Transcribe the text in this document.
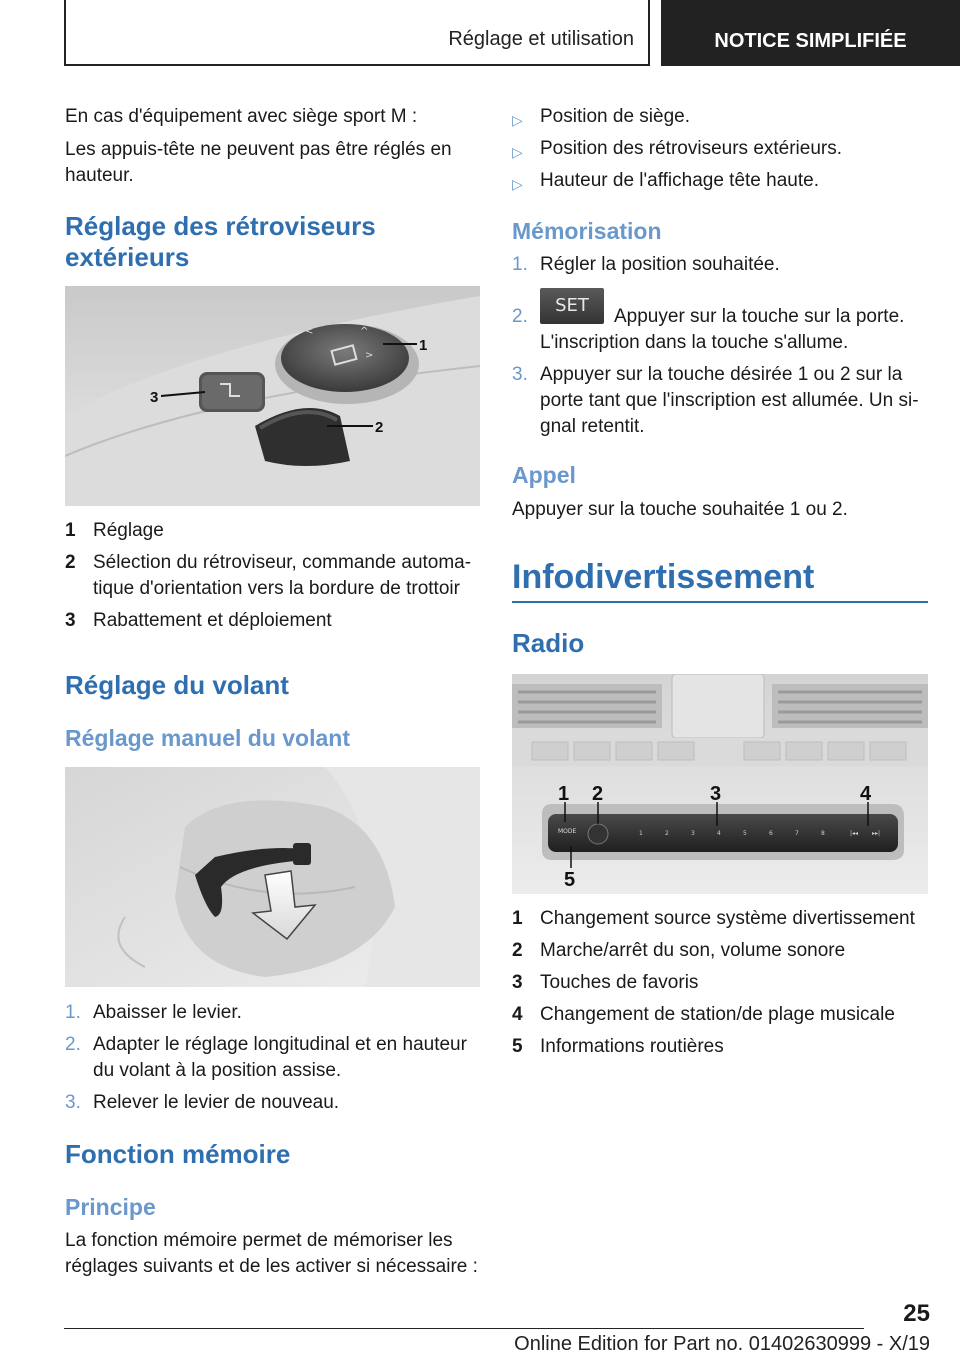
Réglage et utilisation	NOTICE SIMPLIFIÉE
En cas d'équipement avec siège sport M :
Les appuis-tête ne peuvent pas être réglés en
hauteur.
Réglage des rétroviseurs
extérieurs
<	^
>
1
2
3
1 Réglage
2 Sélection du rétroviseur, commande automa-
tique d'orientation vers la bordure de trottoir
3 Rabattement et déploiement
Réglage du volant
Réglage manuel du volant
1. Abaisser le levier.
2. Adapter le réglage longitudinal et en hauteur
du volant à la position assise.
3. Relever le levier de nouveau.
Fonction mémoire
Principe
La fonction mémoire permet de mémoriser les
réglages suivants et de les activer si nécessaire :
▷ Position de siège.
▷ Position des rétroviseurs extérieurs.
▷ Hauteur de l'affichage tête haute.
Mémorisation
1. Régler la position souhaitée.
2.
SET
Appuyer sur la touche sur la porte.
L'inscription dans la touche s'allume.
3. Appuyer sur la touche désirée 1 ou 2 sur la
porte tant que l'inscription est allumée. Un si-
gnal retentit.
Appel
Appuyer sur la touche souhaitée 1 ou 2.
Infodivertissement
Radio
MODE	1	2	3	4	5	6	7	8	|◂◂ ▸▸|
1 2	3	4
5
1 Changement source système divertissement
2 Marche/arrêt du son, volume sonore
3 Touches de favoris
4 Changement de station/de plage musicale
5 Informations routières
25
Online Edition for Part no. 01402630999 - X/19
